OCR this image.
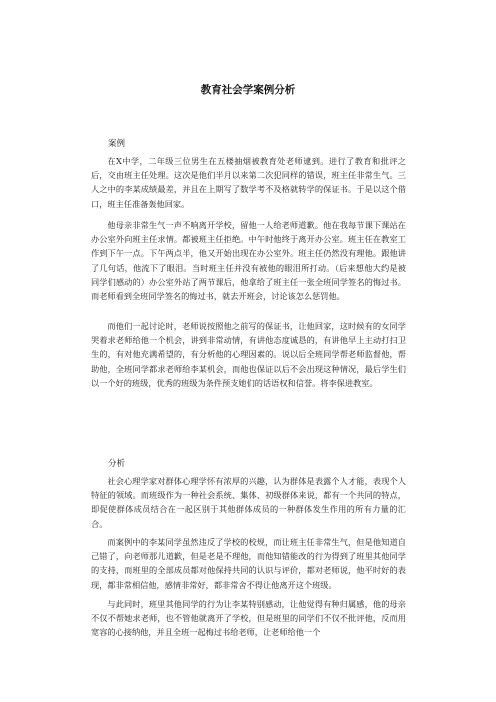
教育社会学案例分析

案例

在X中学，二年级三位男生在五楼抽烟被教育处老师逮到。进行了教育和批评之后，交由班主任处理。这次是他们半月以来第二次犯同样的错误，班主任非常生气。三人之中的李某成绩最差，并且在上期写了数学考不及格就转学的保证书。于是以这个借口，班主任准备轰他回家。

他母亲非常生气一声不响离开学校，留他一人给老师道歉。他在我每节课下课站在办公室外向班主任求情。都被班主任拒绝。中午时他终于离开办公室。班主任在教室工作到下午一点。下午两点半，他又开始出现在办公室外。班主任仍然没有理他。跟他讲了几句话，他流下了眼泪。当时班主任并没有被他的眼泪所打动。（后来想他大约是被同学们感动的）办公室外站了两节课后，他拿给了班主任一张全班同学签名的悔过书。而老师看到全班同学签名的悔过书，就去开班会，讨论该怎么惩罚他。

而他们一起讨论时，老师说按照他之前写的保证书，让他回家，这时候有的女同学哭着求老师给他一个机会，讲到非常动情，有讲他态度诚恳的，有讲他早上主动打扫卫生的，有对他充满希望的，有分析他的心理因素的。说以后全班同学帮老师监督他，帮助他，全班同学都求老师给李某机会，而他也保证以后不会出现这种情况，最后学生们以一个好的班级，优秀的班级为条件预支她们的话语权和信誉。将李保进教室。

分析

社会心理学家对群体心理学怀有浓厚的兴趣，认为群体是表露个人才能，表现个人特征的领域。而班级作为一种社会系统、集体、初级群体来说，都有一个共同的特点，即促使群体成员结合在一起区别于其他群体成员的一种群体发生作用的所有力量的汇合。

而案例中的李某同学虽然违反了学校的校规，而让班主任非常生气，但是他知道自己错了，向老师那儿道歉，但是老是不理他，而他知错能改的行为得到了班里其他同学的支持，而班里的全部成员都对他保持共同的认识与评价，都对老师说，他平时好的表现，都非常相信他，感情非常好，都非常舍不得让他离开这个班级。

与此同时，班里其他同学的行为让李某特别感动，让他觉得有种归属感，他的母亲不仅不帮她求老师，也不管他就离开了学校，但是班里的同学们不仅不批评他，反而用宽容的心接纳他，并且全班一起梅过书给老师，让老师给他一个
